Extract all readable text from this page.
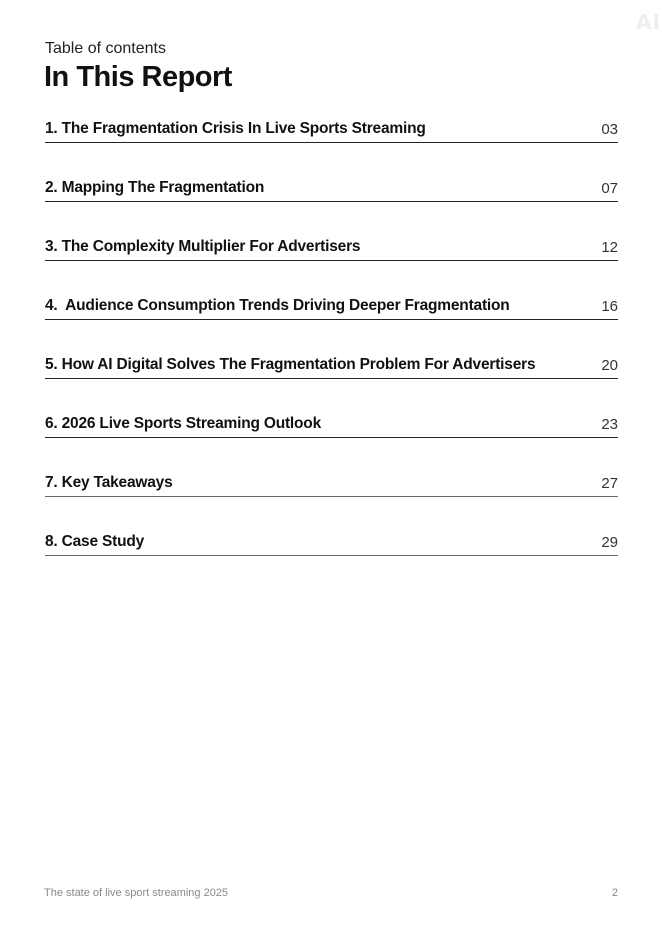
AI
Table of contents
In This Report
1. The Fragmentation Crisis In Live Sports Streaming	03
2. Mapping The Fragmentation	07
3. The Complexity Multiplier For Advertisers	12
4.  Audience Consumption Trends Driving Deeper Fragmentation	16
5. How AI Digital Solves The Fragmentation Problem For Advertisers	20
6. 2026 Live Sports Streaming Outlook	23
7. Key Takeaways	27
8. Case Study	29
The state of live sport streaming 2025	2
